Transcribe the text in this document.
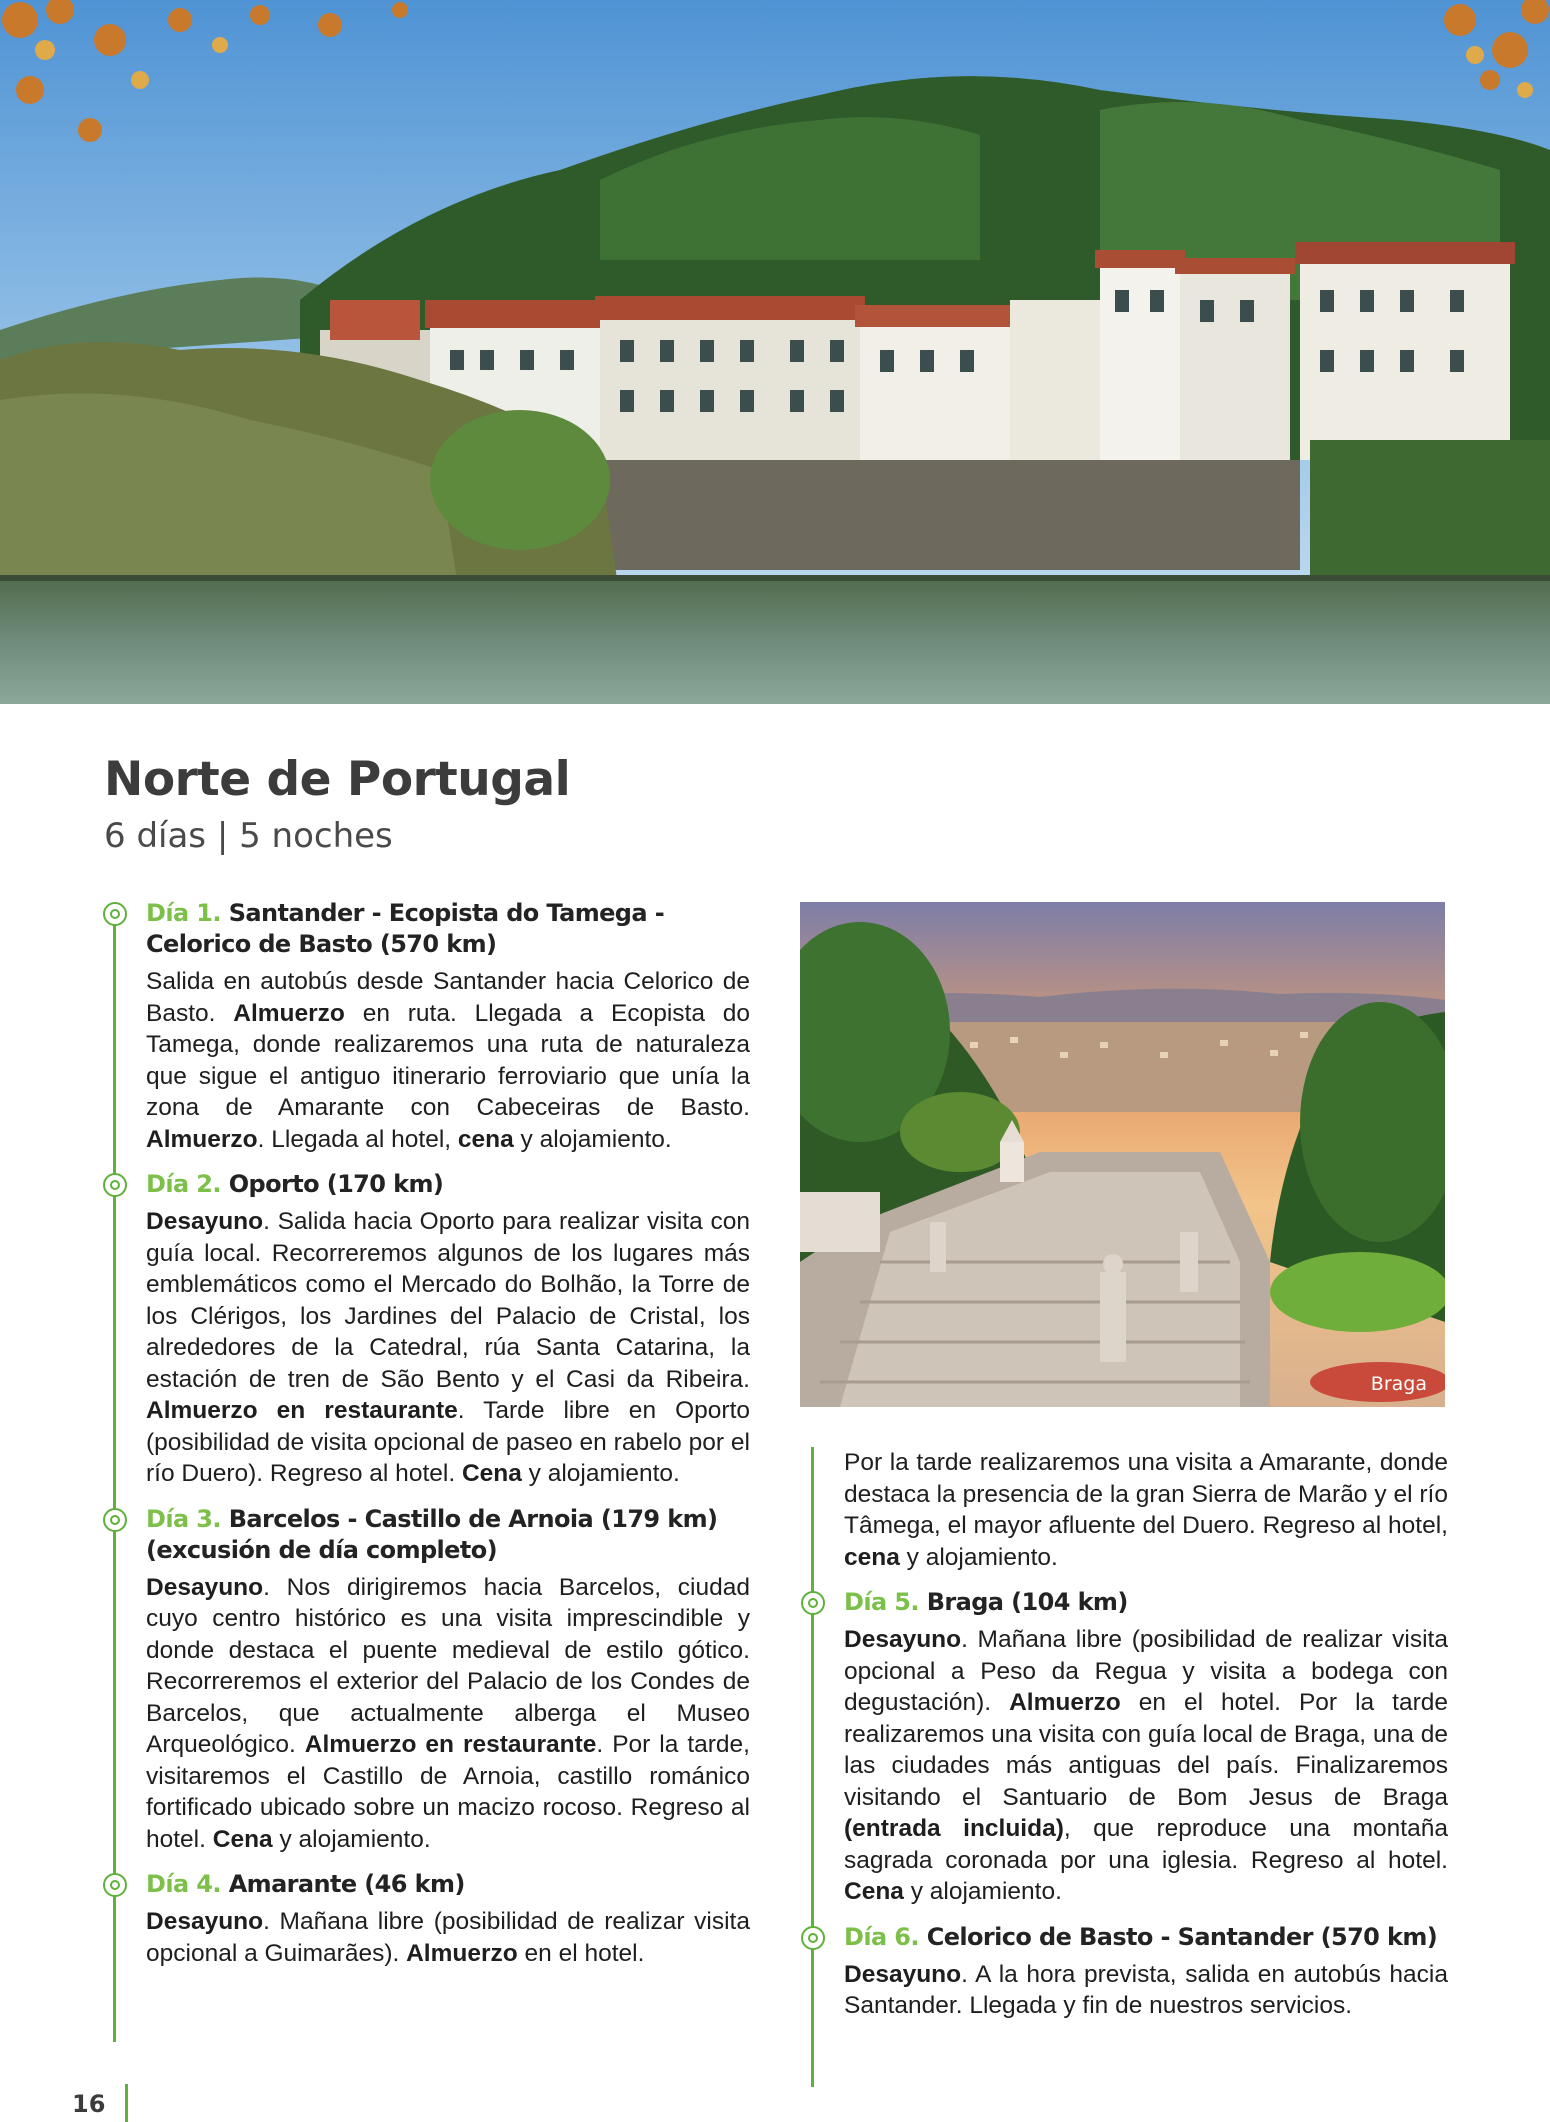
Norte de Portugal
6 días | 5 noches
Día 1. Santander - Ecopista do Tamega - Celorico de Basto (570 km)

Salida en autobús desde Santander hacia Celorico de Basto. Almuerzo en ruta. Llegada a Ecopista do Tamega, donde realizaremos una ruta de naturaleza que sigue el antiguo itinerario ferroviario que unía la zona de Amarante con Cabeceiras de Basto. Almuerzo. Llegada al hotel, cena y alojamiento.

Día 2. Oporto (170 km)

Desayuno. Salida hacia Oporto para realizar visita con guía local. Recorreremos algunos de los lugares más emblemáticos como el Mercado do Bolhão, la Torre de los Clérigos, los Jardines del Palacio de Cristal, los alrededores de la Catedral, rúa Santa Catarina, la estación de tren de São Bento y el Casi da Ribeira. Almuerzo en restaurante. Tarde libre en Oporto (posibilidad de visita opcional de paseo en rabelo por el río Duero). Regreso al hotel. Cena y alojamiento.

Día 3. Barcelos - Castillo de Arnoia (179 km) (excusión de día completo)

Desayuno. Nos dirigiremos hacia Barcelos, ciudad cuyo centro histórico es una visita imprescindible y donde destaca el puente medieval de estilo gótico. Recorreremos el exterior del Palacio de los Condes de Barcelos, que actualmente alberga el Museo Arqueológico. Almuerzo en restaurante. Por la tarde, visitaremos el Castillo de Arnoia, castillo románico fortificado ubicado sobre un macizo rocoso. Regreso al hotel. Cena y alojamiento.

Día 4. Amarante (46 km)

Desayuno. Mañana libre (posibilidad de realizar visita opcional a Guimarães). Almuerzo en el hotel.

Braga

Por la tarde realizaremos una visita a Amarante, donde destaca la presencia de la gran Sierra de Marão y el río Tâmega, el mayor afluente del Duero. Regreso al hotel, cena y alojamiento.

Día 5. Braga (104 km)

Desayuno. Mañana libre (posibilidad de realizar visita opcional a Peso da Regua y visita a bodega con degustación). Almuerzo en el hotel. Por la tarde realizaremos una visita con guía local de Braga, una de las ciudades más antiguas del país. Finalizaremos visitando el Santuario de Bom Jesus de Braga (entrada incluida), que reproduce una montaña sagrada coronada por una iglesia. Regreso al hotel. Cena y alojamiento.

Día 6. Celorico de Basto - Santander (570 km)

Desayuno. A la hora prevista, salida en autobús hacia Santander. Llegada y fin de nuestros servicios.

16
